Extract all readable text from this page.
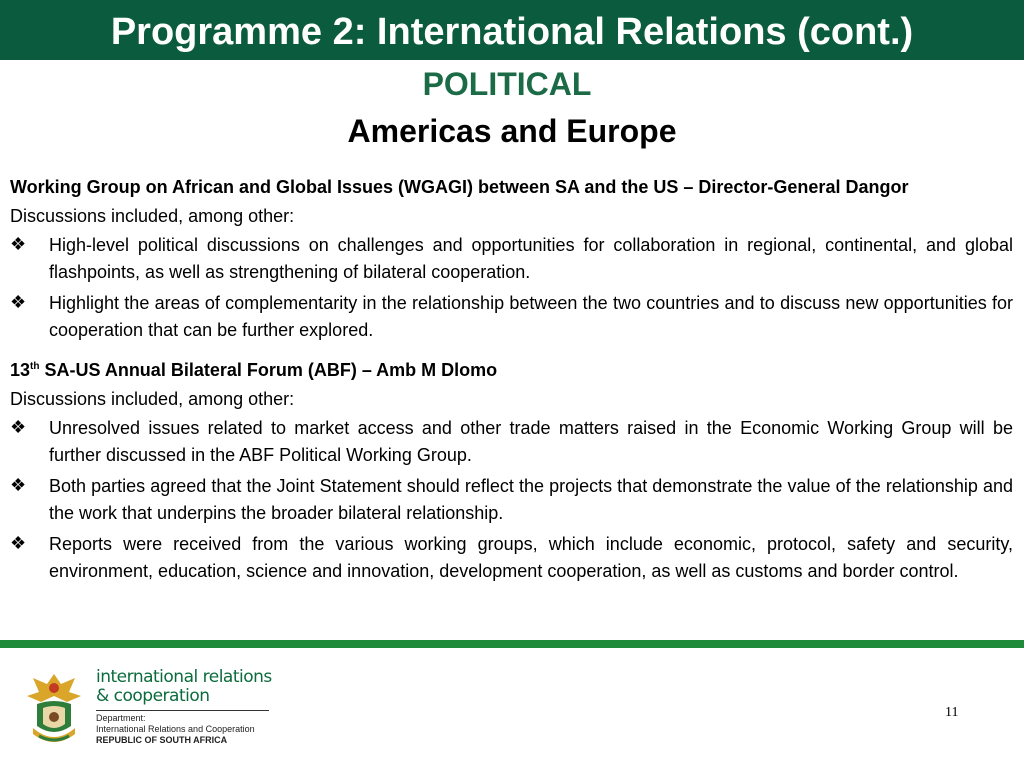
Programme 2: International Relations (cont.)
POLITICAL
Americas and Europe

Working Group on African and Global Issues (WGAGI) between SA and the US – Director-General Dangor

Discussions included, among other:

❖ High-level political discussions on challenges and opportunities for collaboration in regional, continental, and global flashpoints, as well as strengthening of bilateral cooperation.
❖ Highlight the areas of complementarity in the relationship between the two countries and to discuss new opportunities for cooperation that can be further explored.

13th SA-US Annual Bilateral Forum (ABF) – Amb M Dlomo

Discussions included, among other:

❖ Unresolved issues related to market access and other trade matters raised in the Economic Working Group will be further discussed in the ABF Political Working Group.
❖ Both parties agreed that the Joint Statement should reflect the projects that demonstrate the value of the relationship and the work that underpins the broader bilateral relationship.
❖ Reports were received from the various working groups, which include economic, protocol, safety and security, environment, education, science and innovation, development cooperation, as well as customs and border control.
international relations
& cooperation
Department:
International Relations and Cooperation
REPUBLIC OF SOUTH AFRICA
11
